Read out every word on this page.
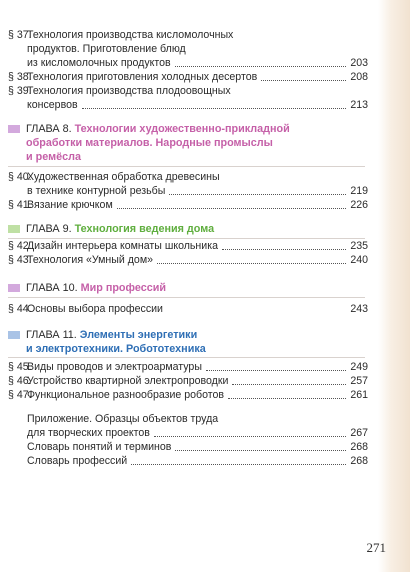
§ 37.
Технология производства кисломолочных
продуктов. Приготовление блюд
из кисломолочных продуктов	203
§ 38.
Технология приготовления холодных десертов	208
§ 39.
Технология производства плодоовощных
консервов	213
ГЛАВА 8. Технологии художественно-прикладной
обработки материалов. Народные промыслы
и ремёсла
§ 40.
Художественная обработка древесины
в технике контурной резьбы	219
§ 41.
Вязание крючком	226
ГЛАВА 9. Технология ведения дома
§ 42.
Дизайн интерьера комнаты школьника	235
§ 43.
Технология «Умный дом»	240
ГЛАВА 10. Мир профессий
§ 44.
Основы выбора профессии	243
ГЛАВА 11. Элементы энергетики
и электротехники. Робототехника
§ 45.
Виды проводов и электроарматуры	249
§ 46.
Устройство квартирной электропроводки	257
§ 47.
Функциональное разнообразие роботов	261
Приложение. Образцы объектов труда
для творческих проектов	267
Словарь понятий и терминов	268
Словарь профессий	268
271
